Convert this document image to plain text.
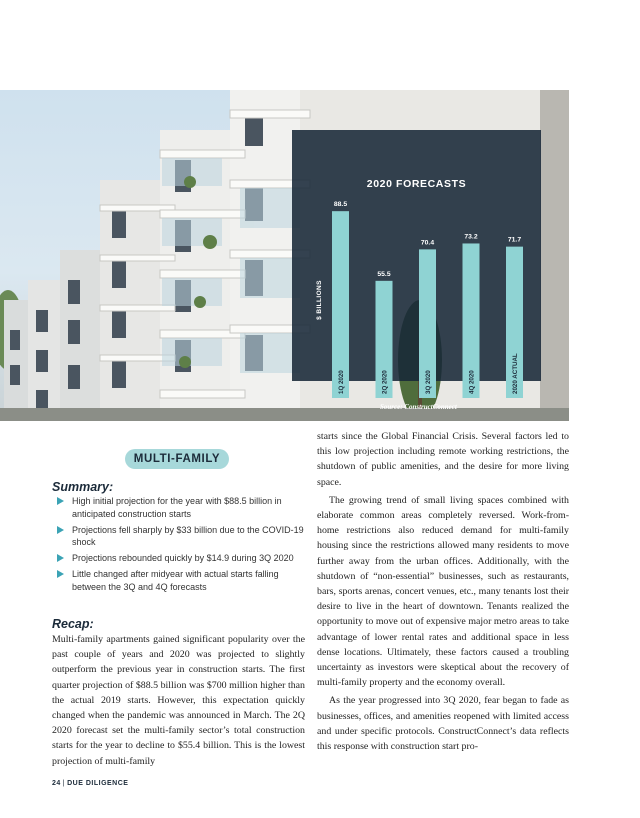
2020 FORECASTS
$ BILLIONS
88.5
1Q 2020
55.5
2Q 2020
70.4
3Q 2020
73.2
4Q 2020
71.7
2020 ACTUAL
Source: ConstructConnect
MULTI-FAMILY
Summary:
High initial projection for the year with $88.5 billion in anticipated construction starts
Projections fell sharply by $33 billion due to the COVID-19 shock
Projections rebounded quickly by $14.9 during 3Q 2020
Little changed after midyear with actual starts falling between the 3Q and 4Q forecasts
Recap:

Multi-family apartments gained significant popularity over the past couple of years and 2020 was projected to slightly outperform the previous year in construction starts. The first quarter projection of $88.5 billion was $700 million higher than the actual 2019 starts. However, this expectation quickly changed when the pandemic was announced in March. The 2Q 2020 forecast set the multi-family sector’s total construction starts for the year to decline to $55.4 billion. This is the lowest projection of multi-family

starts since the Global Financial Crisis. Several factors led to this low projection including remote working restrictions, the shutdown of public amenities, and the desire for more living space.

The growing trend of small living spaces combined with elaborate common areas completely reversed. Work-from-home restrictions also reduced demand for multi-family housing since the restrictions allowed many residents to move further away from the urban offices. Additionally, with the shutdown of “non-essential” businesses, such as restaurants, bars, sports arenas, concert venues, etc., many tenants lost their desire to live in the heart of downtown. Tenants realized the opportunity to move out of expensive major metro areas to take advantage of lower rental rates and additional space in less dense locations. Ultimately, these factors caused a troubling uncertainty as investors were skeptical about the recovery of multi-family property and the economy overall.

As the year progressed into 3Q 2020, fear began to fade as businesses, offices, and amenities reopened with limited access and under specific protocols. ConstructConnect’s data reflects this response with construction start pro-

24 | DUE DILIGENCE
